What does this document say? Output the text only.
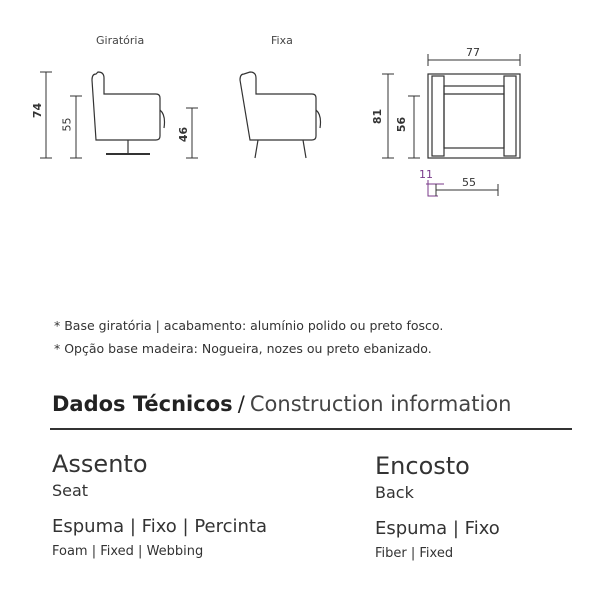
Giratória	Fixa
74
55
46
77
81
56
11
55
* Base giratória | acabamento: alumínio polido ou preto fosco.
* Opção base madeira: Nogueira, nozes ou preto ebanizado.
Dados Técnicos / Construction information
Assento
Seat
Espuma | Fixo | Percinta
Foam | Fixed | Webbing
Encosto
Back
Espuma | Fixo
Fiber | Fixed
